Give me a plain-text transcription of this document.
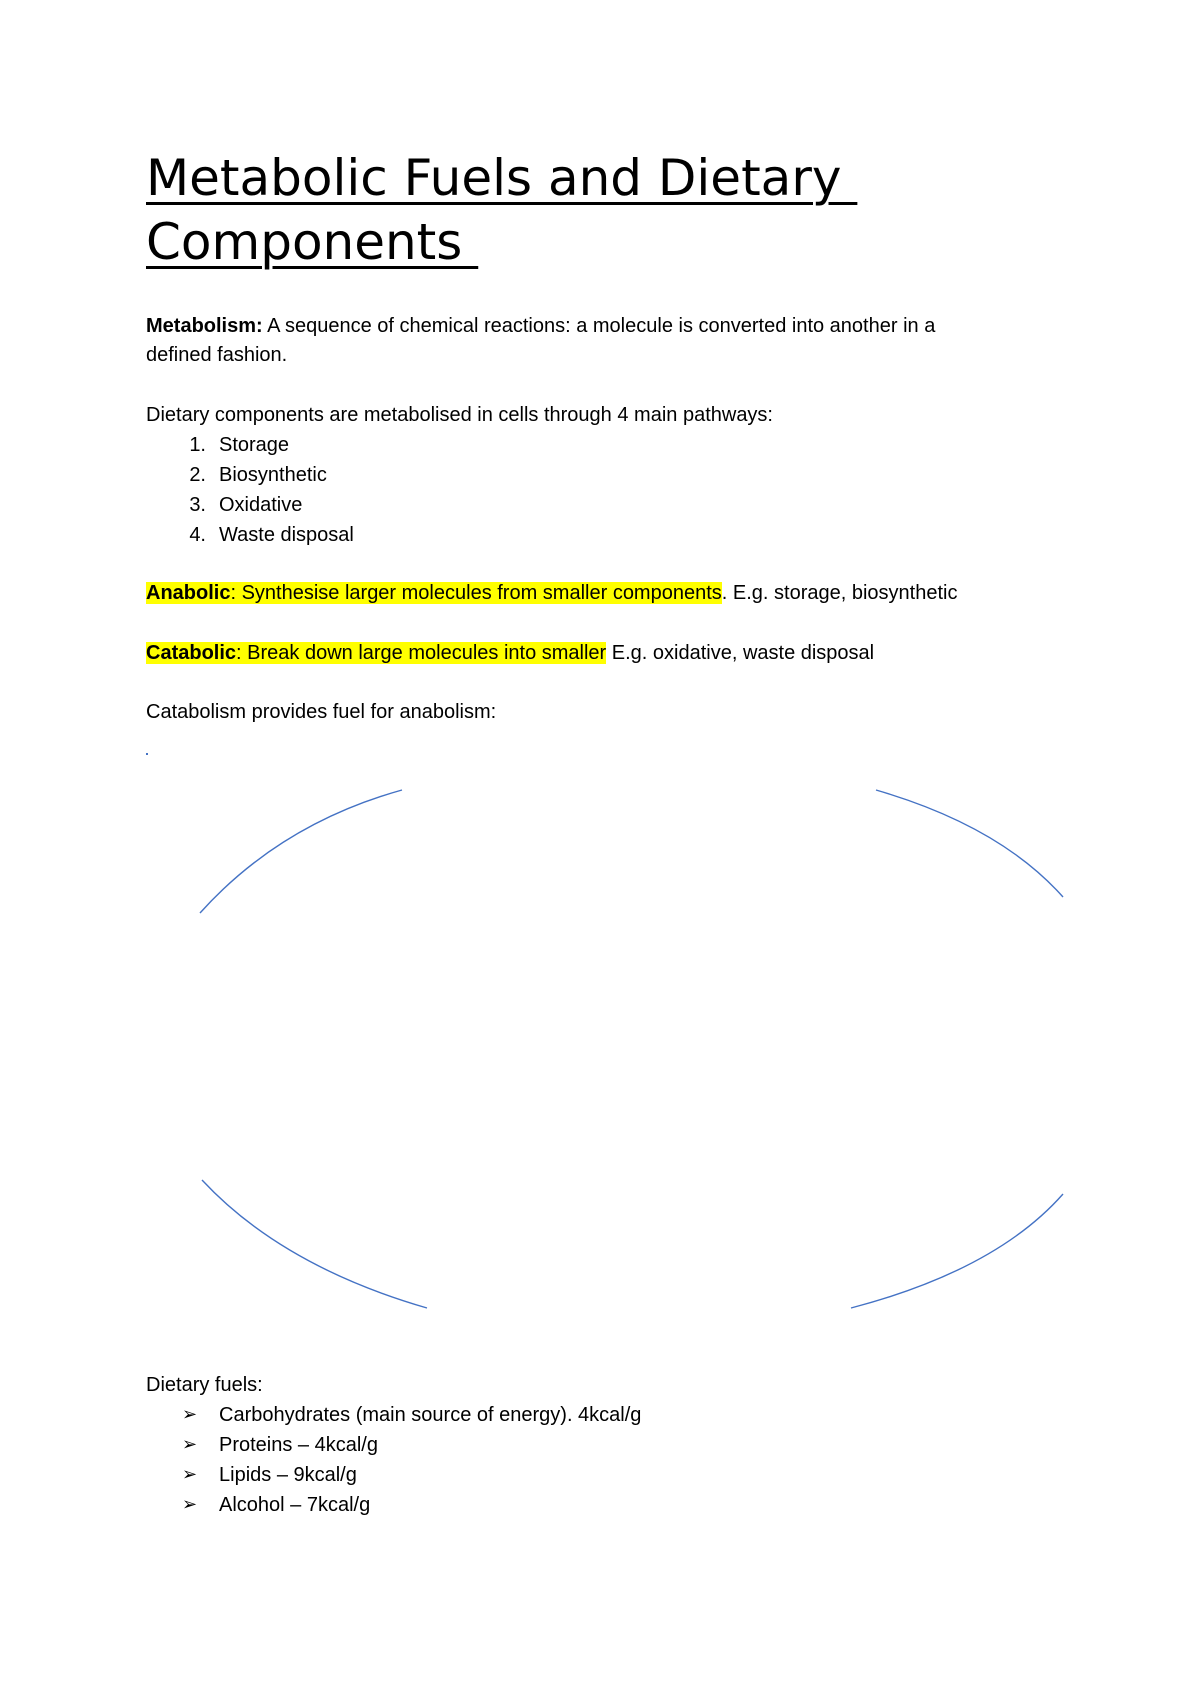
Metabolic Fuels and Dietary
Components
Metabolism: A sequence of chemical reactions: a molecule is converted into another in a
defined fashion.
Dietary components are metabolised in cells through 4 main pathways:
1. Storage
2. Biosynthetic
3. Oxidative
4. Waste disposal
Anabolic: Synthesise larger molecules from smaller components. E.g. storage, biosynthetic
Catabolic: Break down large molecules into smaller E.g. oxidative, waste disposal
Catabolism provides fuel for anabolism:
Dietary fuels:
➢	Carbohydrates (main source of energy). 4kcal/g
➢	Proteins – 4kcal/g
➢	Lipids – 9kcal/g
➢	Alcohol – 7kcal/g
